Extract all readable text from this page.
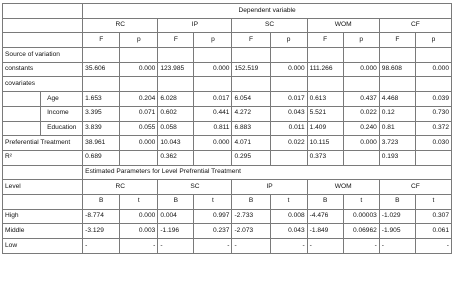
		Dependent variable									
		RC		IP		SC		WOM		CF	
		F	p	F	p	F	p	F	p	F	p
Source of variation											
constants		35.606	0.000	123.985	0.000	152.519	0.000	111.266	0.000	98.608	0.000
covariates											
	Age	1.653	0.204	6.028	0.017	6.054	0.017	0.613	0.437	4.468	0.039
	Income	3.395	0.071	0.602	0.441	4.272	0.043	5.521	0.022	0.12	0.730
	Education	3.839	0.055	0.058	0.811	6.883	0.011	1.409	0.240	0.81	0.372
Preferential Treatment		38.961	0.000	10.043	0.000	4.071	0.022	10.115	0.000	3.723	0.030
R²		0.689		0.362		0.295		0.373		0.193	
		Estimated Parameters for Level Prefrential Treatment									
Level		RC		SC		IP		WOM		CF	
		B	t	B	t	B	t	B	t	B	t
High		-8.774	0.000	0.004	0.997	-2.733	0.008	-4.476	0.00003	-1.029	0.307
Middle		-3.129	0.003	-1.196	0.237	-2.073	0.043	-1.849	0.06962	-1.905	0.061
Low		-	-	-	-	-	-	-	-	-	-
